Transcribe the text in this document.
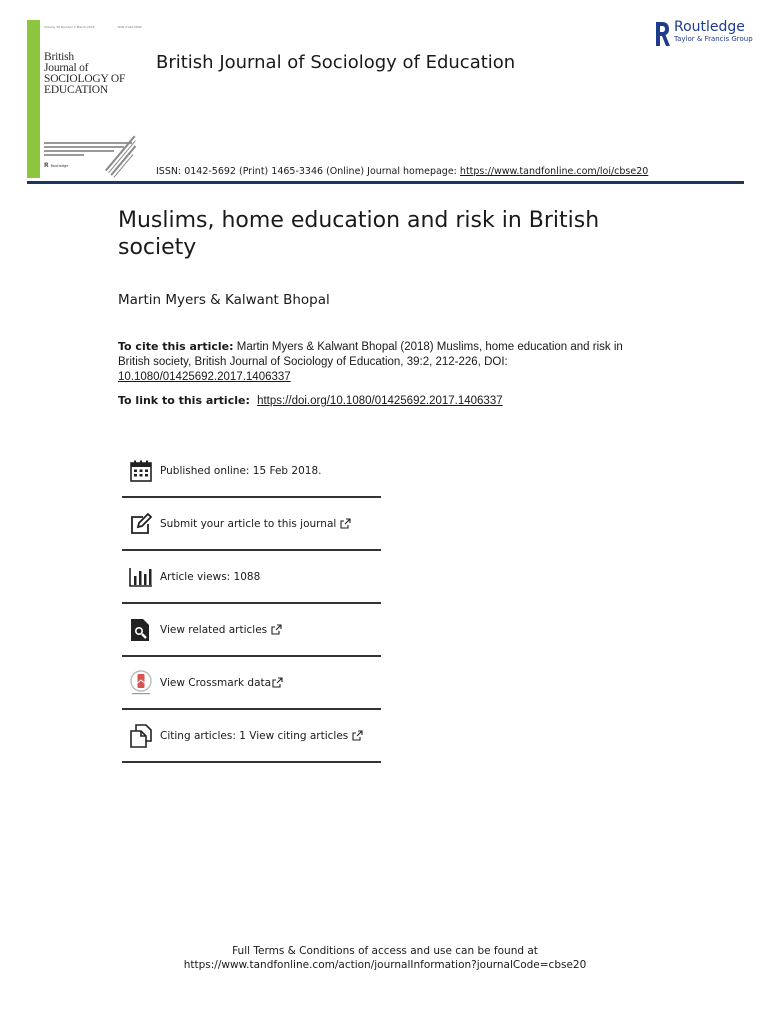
Volume 39 Number 2 March 2018	ISSN 0142-5692
British
Journal of
SOCIOLOGY OF
EDUCATION
R Routledge
British Journal of Sociology of Education
Routledge
Taylor & Francis Group
ISSN: 0142-5692 (Print) 1465-3346 (Online) Journal homepage: https://www.tandfonline.com/loi/cbse20
Muslims, home education and risk in British society
Martin Myers & Kalwant Bhopal
To cite this article: Martin Myers & Kalwant Bhopal (2018) Muslims, home education and risk in British society, British Journal of Sociology of Education, 39:2, 212-226, DOI: 10.1080/01425692.2017.1406337
To link to this article: https://doi.org/10.1080/01425692.2017.1406337
Published online: 15 Feb 2018.
Submit your article to this journal
Article views: 1088
View related articles
View Crossmark data
Citing articles: 1 View citing articles
Full Terms & Conditions of access and use can be found at
https://www.tandfonline.com/action/journalInformation?journalCode=cbse20
